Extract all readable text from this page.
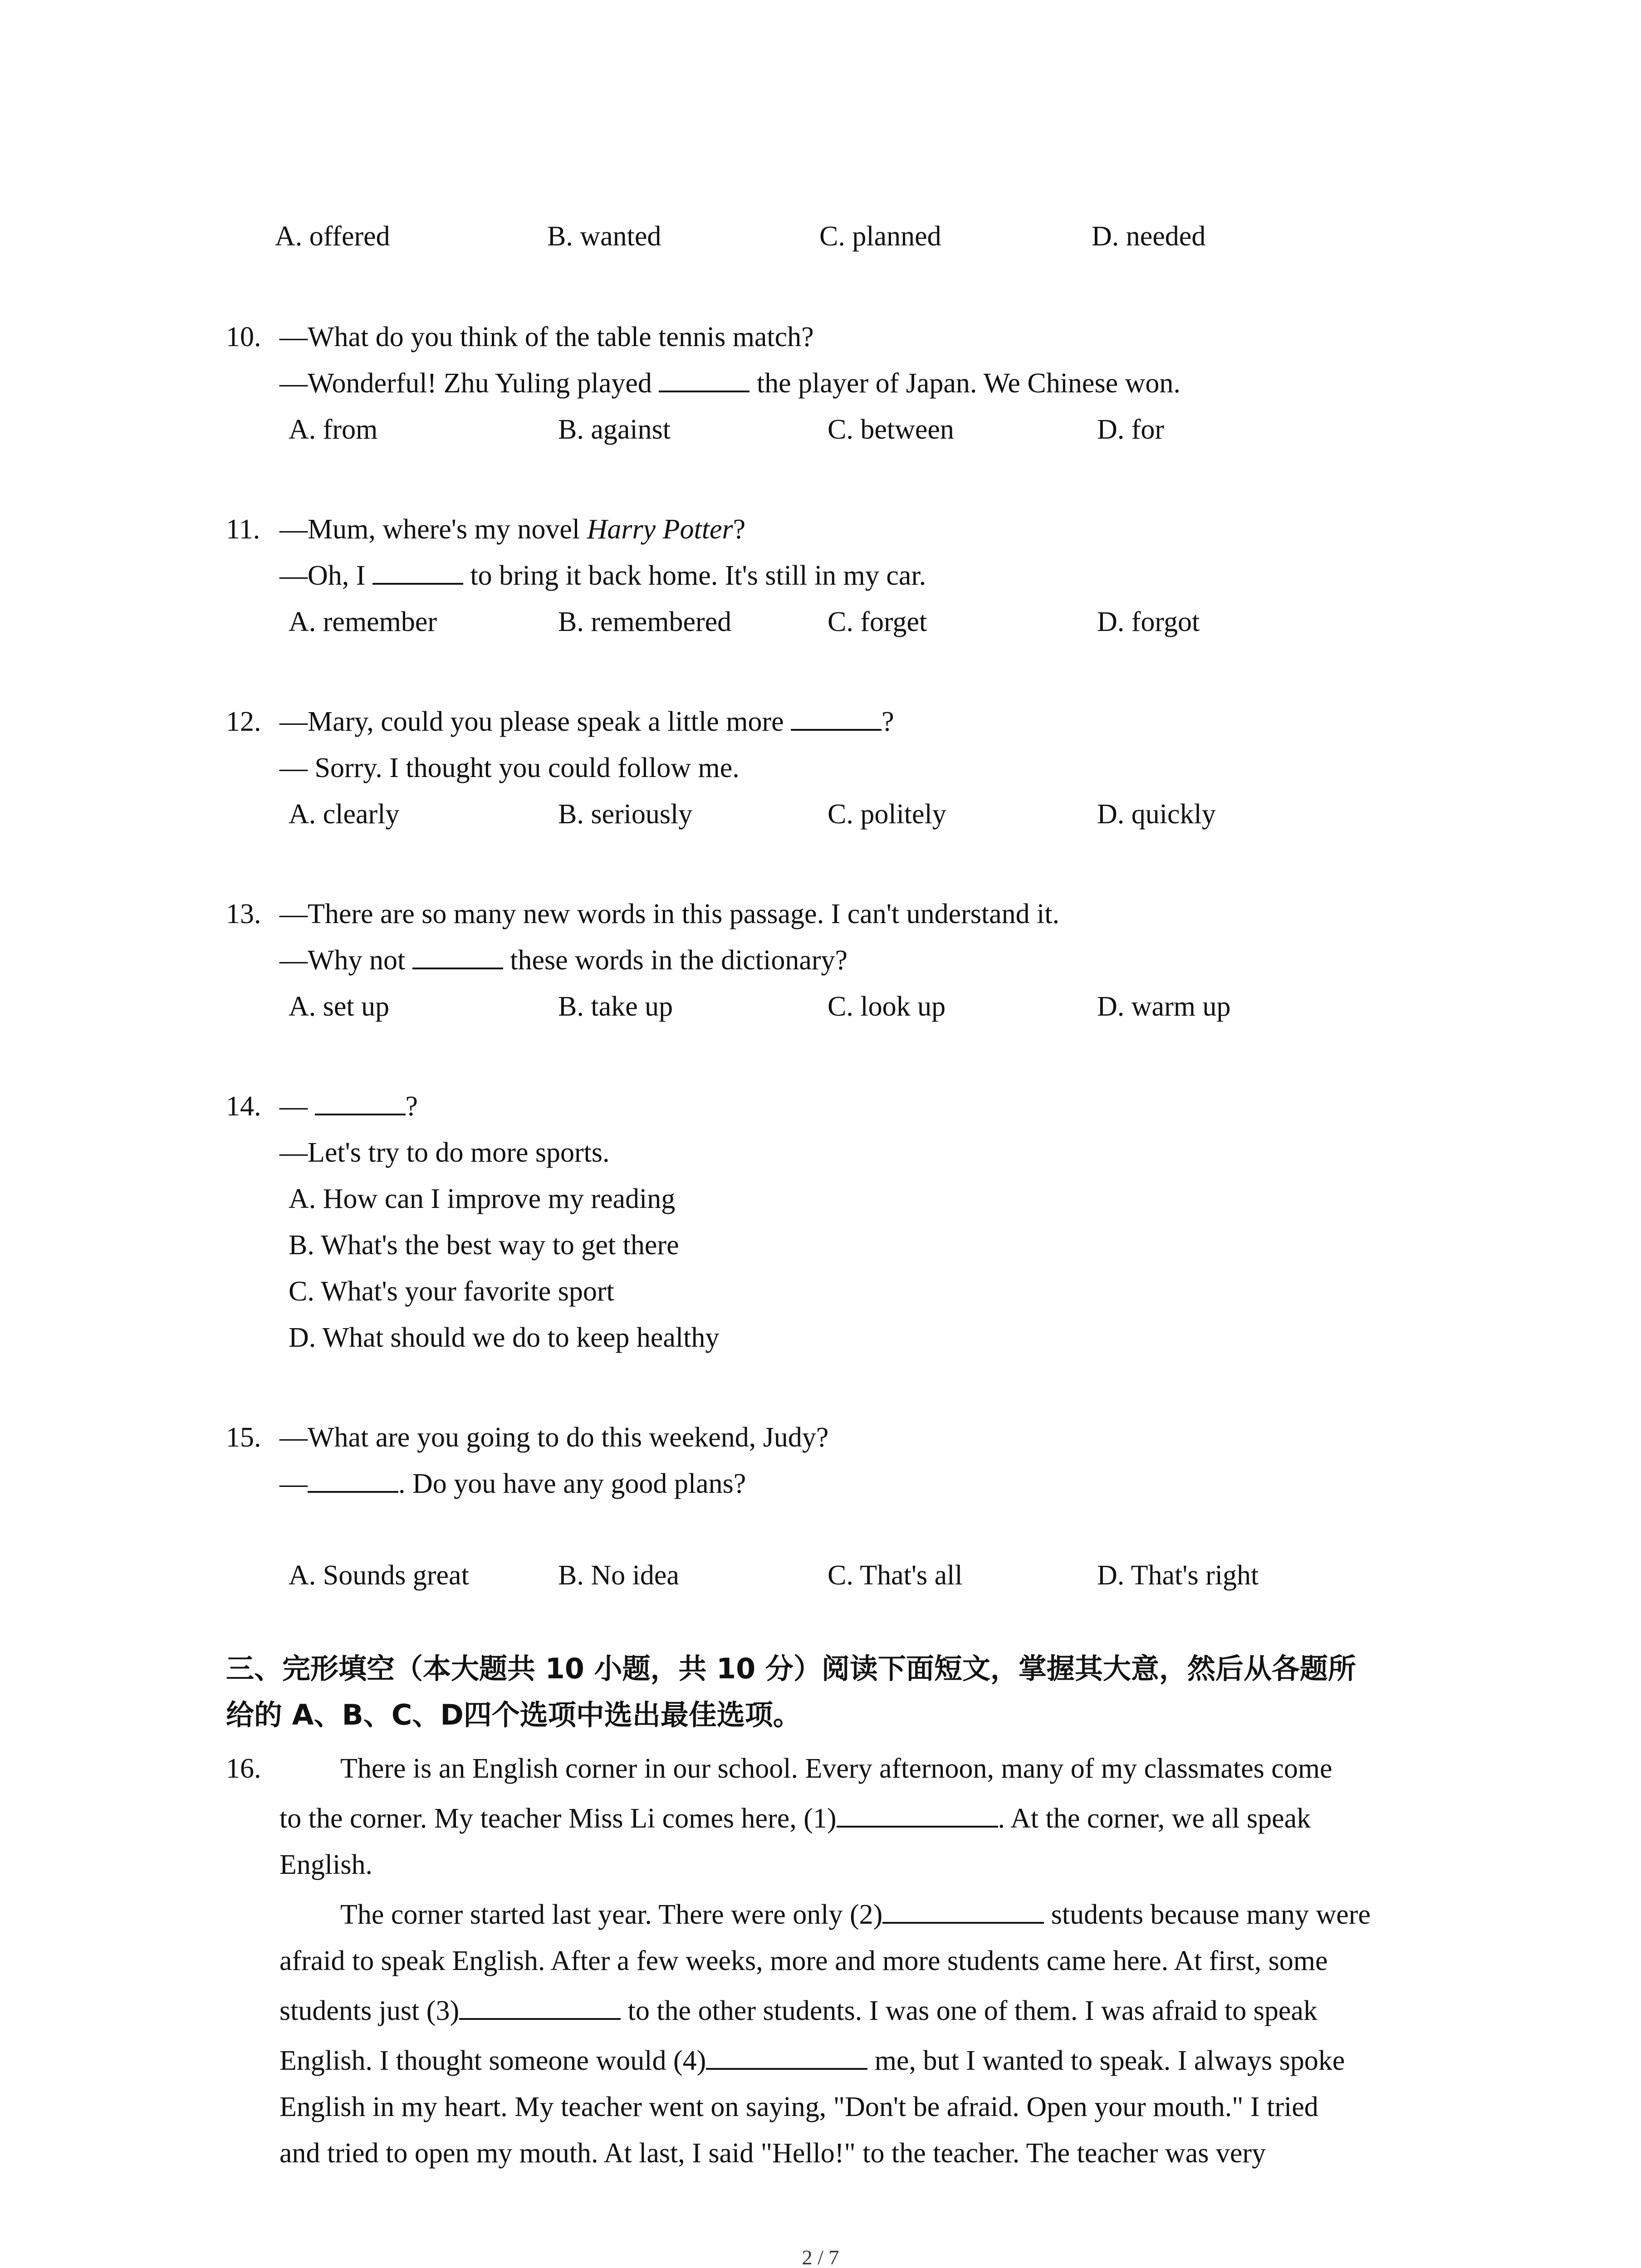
A. offered	B. wanted	C. planned	D. needed
10. —What do you think of the table tennis match?
—Wonderful! Zhu Yuling played	the player of Japan. We Chinese won.
A. from	B. against	C. between	D. for
11. —Mum, where's my novel Harry Potter?
—Oh, I	to bring it back home. It's still in my car.
A. remember	B. remembered	C. forget	D. forgot
12. —Mary, could you please speak a little more	?
— Sorry. I thought you could follow me.
A. clearly	B. seriously	C. politely	D. quickly
13. —There are so many new words in this passage. I can't understand it.
—Why not	these words in the dictionary?
A. set up	B. take up	C. look up	D. warm up
14. —	?
—Let's try to do more sports.
A. How can I improve my reading
B. What's the best way to get there
C. What's your favorite sport
D. What should we do to keep healthy
15. —What are you going to do this weekend, Judy?
—	. Do you have any good plans?
A. Sounds great	B. No idea	C. That's all	D. That's right
三、完形填空（本大题共 10 小题，共 10 分）阅读下面短文，掌握其大意，然后从各题所
给的 A、B、C、D四个选项中选出最佳选项。
16.	There is an English corner in our school. Every afternoon, many of my classmates come
to the corner. My teacher Miss Li comes here, (1)	. At the corner, we all speak
English.
The corner started last year. There were only (2)	students because many were
afraid to speak English. After a few weeks, more and more students came here. At first, some
students just (3)	to the other students. I was one of them. I was afraid to speak
English. I thought someone would (4)	me, but I wanted to speak. I always spoke
English in my heart. My teacher went on saying, "Don't be afraid. Open your mouth." I tried
and tried to open my mouth. At last, I said "Hello!" to the teacher. The teacher was very
2 / 7
